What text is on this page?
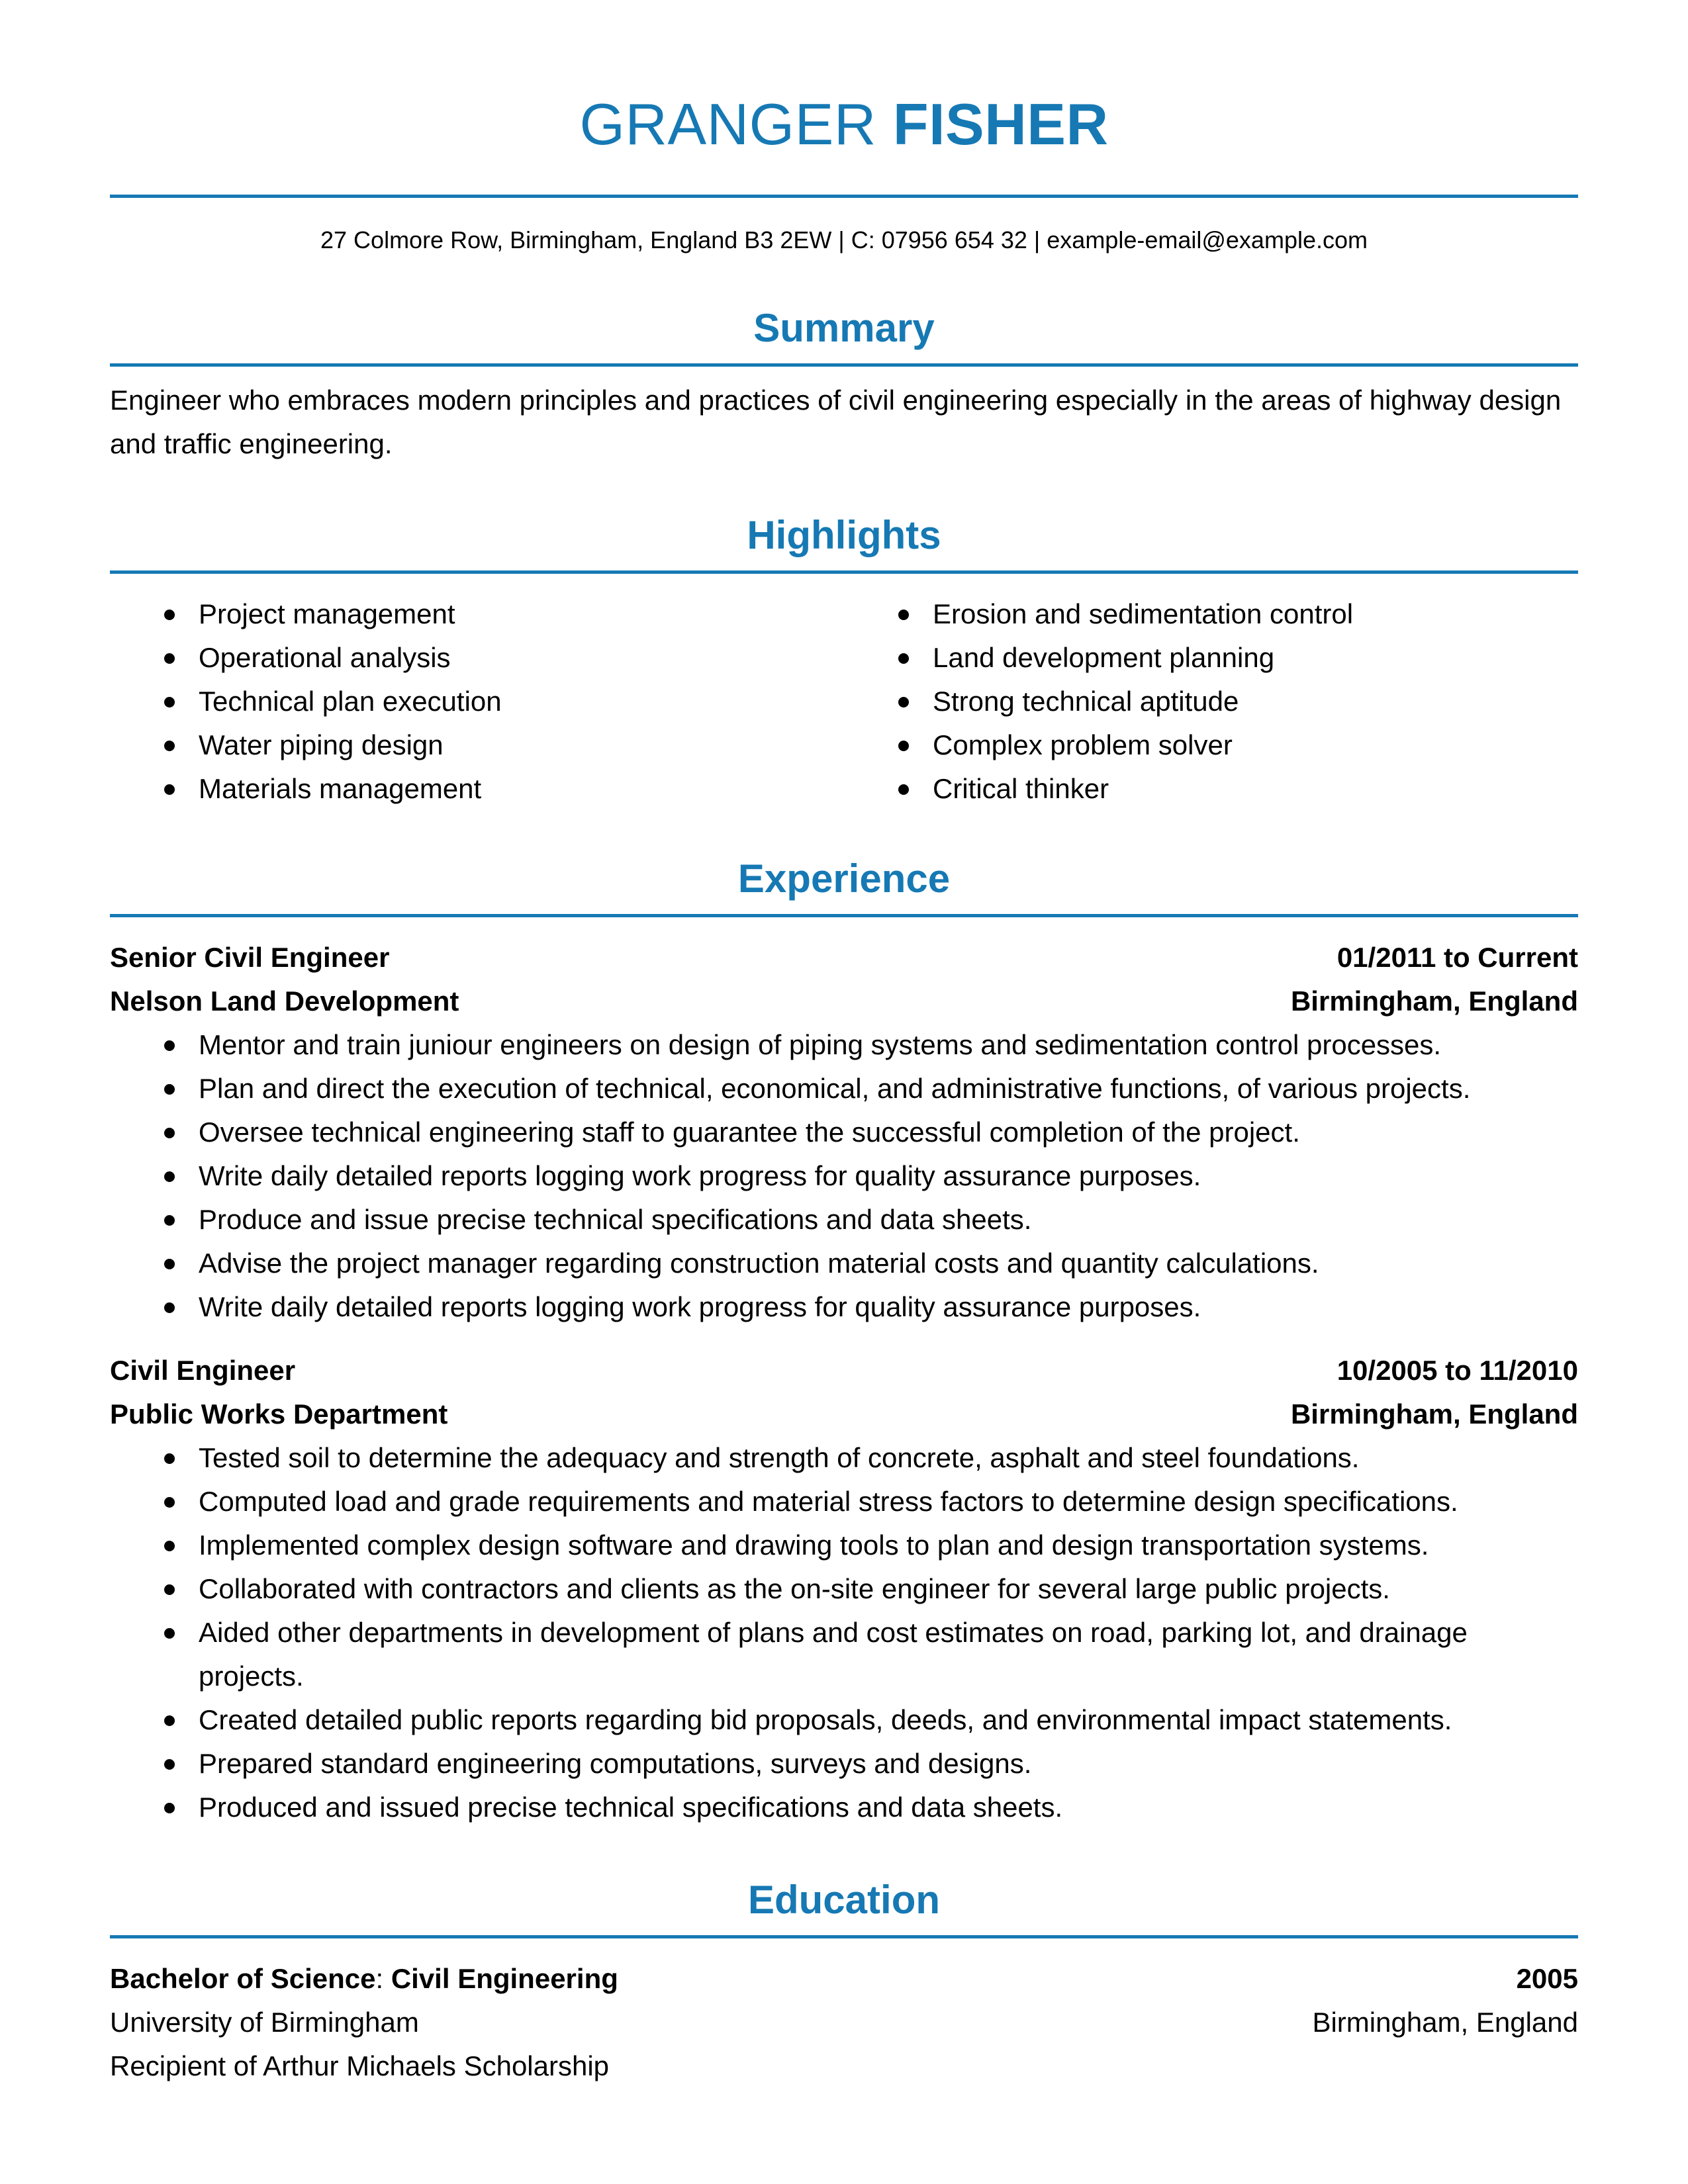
GRANGER FISHER
27 Colmore Row, Birmingham, England B3 2EW | C: 07956 654 32 | example-email@example.com
Summary
Engineer who embraces modern principles and practices of civil engineering especially in the areas of highway design and traffic engineering.
Highlights
Project management
Operational analysis
Technical plan execution
Water piping design
Materials management
Erosion and sedimentation control
Land development planning
Strong technical aptitude
Complex problem solver
Critical thinker
Experience
Senior Civil Engineer	01/2011 to Current
Nelson Land Development	Birmingham, England
Mentor and train juniour engineers on design of piping systems and sedimentation control processes.
Plan and direct the execution of technical, economical, and administrative functions, of various projects.
Oversee technical engineering staff to guarantee the successful completion of the project.
Write daily detailed reports logging work progress for quality assurance purposes.
Produce and issue precise technical specifications and data sheets.
Advise the project manager regarding construction material costs and quantity calculations.
Write daily detailed reports logging work progress for quality assurance purposes.
Civil Engineer	10/2005 to 11/2010
Public Works Department	Birmingham, England
Tested soil to determine the adequacy and strength of concrete, asphalt and steel foundations.
Computed load and grade requirements and material stress factors to determine design specifications.
Implemented complex design software and drawing tools to plan and design transportation systems.
Collaborated with contractors and clients as the on-site engineer for several large public projects.
Aided other departments in development of plans and cost estimates on road, parking lot, and drainage projects.
Created detailed public reports regarding bid proposals, deeds, and environmental impact statements.
Prepared standard engineering computations, surveys and designs.
Produced and issued precise technical specifications and data sheets.
Education
Bachelor of Science: Civil Engineering	2005
University of Birmingham	Birmingham, England
Recipient of Arthur Michaels Scholarship
